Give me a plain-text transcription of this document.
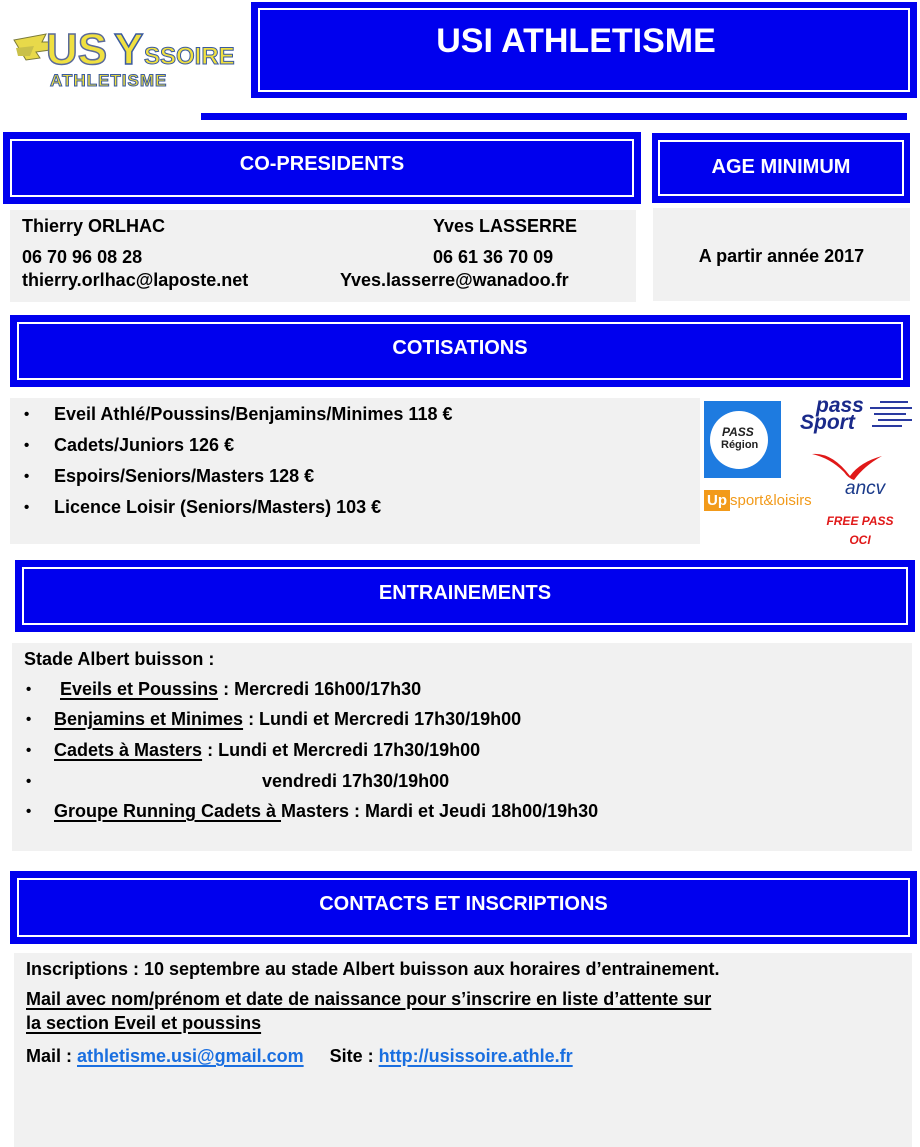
US Y SSOIRE
ATHLETISME
USI ATHLETISME
CO-PRESIDENTS
Thierry ORLHAC
06 70 96 08 28
thierry.orlhac@laposte.net
Yves LASSERRE
06 61 36 70 09
Yves.lasserre@wanadoo.fr
AGE MINIMUM
A partir année 2017
COTISATIONS
• Eveil Athlé/Poussins/Benjamins/Minimes 118 €
• Cadets/Juniors 126 €
• Espoirs/Seniors/Masters 128 €
• Licence Loisir (Seniors/Masters) 103 €
PASS
Région
pass
Sport
ancv
Up sport&loisirs
FREE PASS
OCI
ENTRAINEMENTS
Stade Albert buisson :
• Eveils et Poussins : Mercredi 16h00/17h30
• Benjamins et Minimes : Lundi et Mercredi 17h30/19h00
• Cadets à Masters : Lundi et Mercredi 17h30/19h00
•	vendredi 17h30/19h00
• Groupe Running Cadets à Masters : Mardi et Jeudi 18h00/19h30
CONTACTS ET INSCRIPTIONS
Inscriptions : 10 septembre au stade Albert buisson aux horaires d’entrainement.
Mail avec nom/prénom et date de naissance pour s’inscrire en liste d’attente sur
la section Eveil et poussins
Mail : athletisme.usi@gmail.com Site : http://usissoire.athle.fr
